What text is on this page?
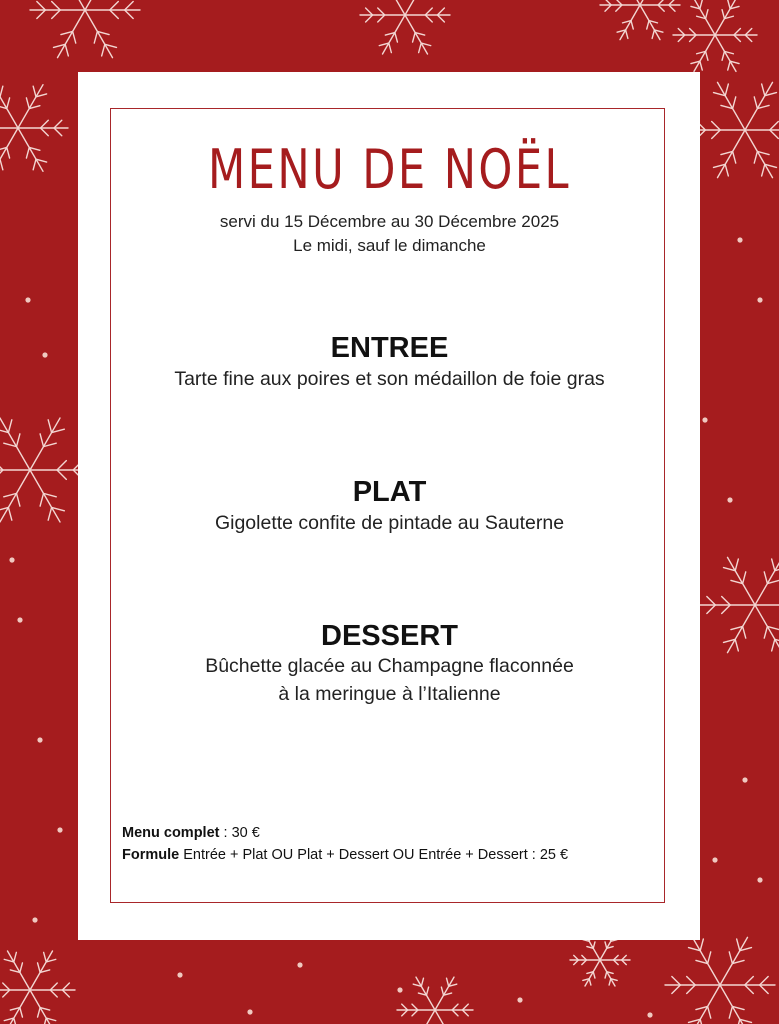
MENU DE NOËL
servi du 15 Décembre au 30 Décembre 2025
Le midi, sauf le dimanche
ENTREE
Tarte fine aux poires et son médaillon de foie gras
PLAT
Gigolette confite de pintade au Sauterne
DESSERT
Bûchette glacée au Champagne flaconnée
à la meringue à l’Italienne
Menu complet : 30 €
Formule Entrée + Plat OU Plat + Dessert OU Entrée + Dessert : 25 €
